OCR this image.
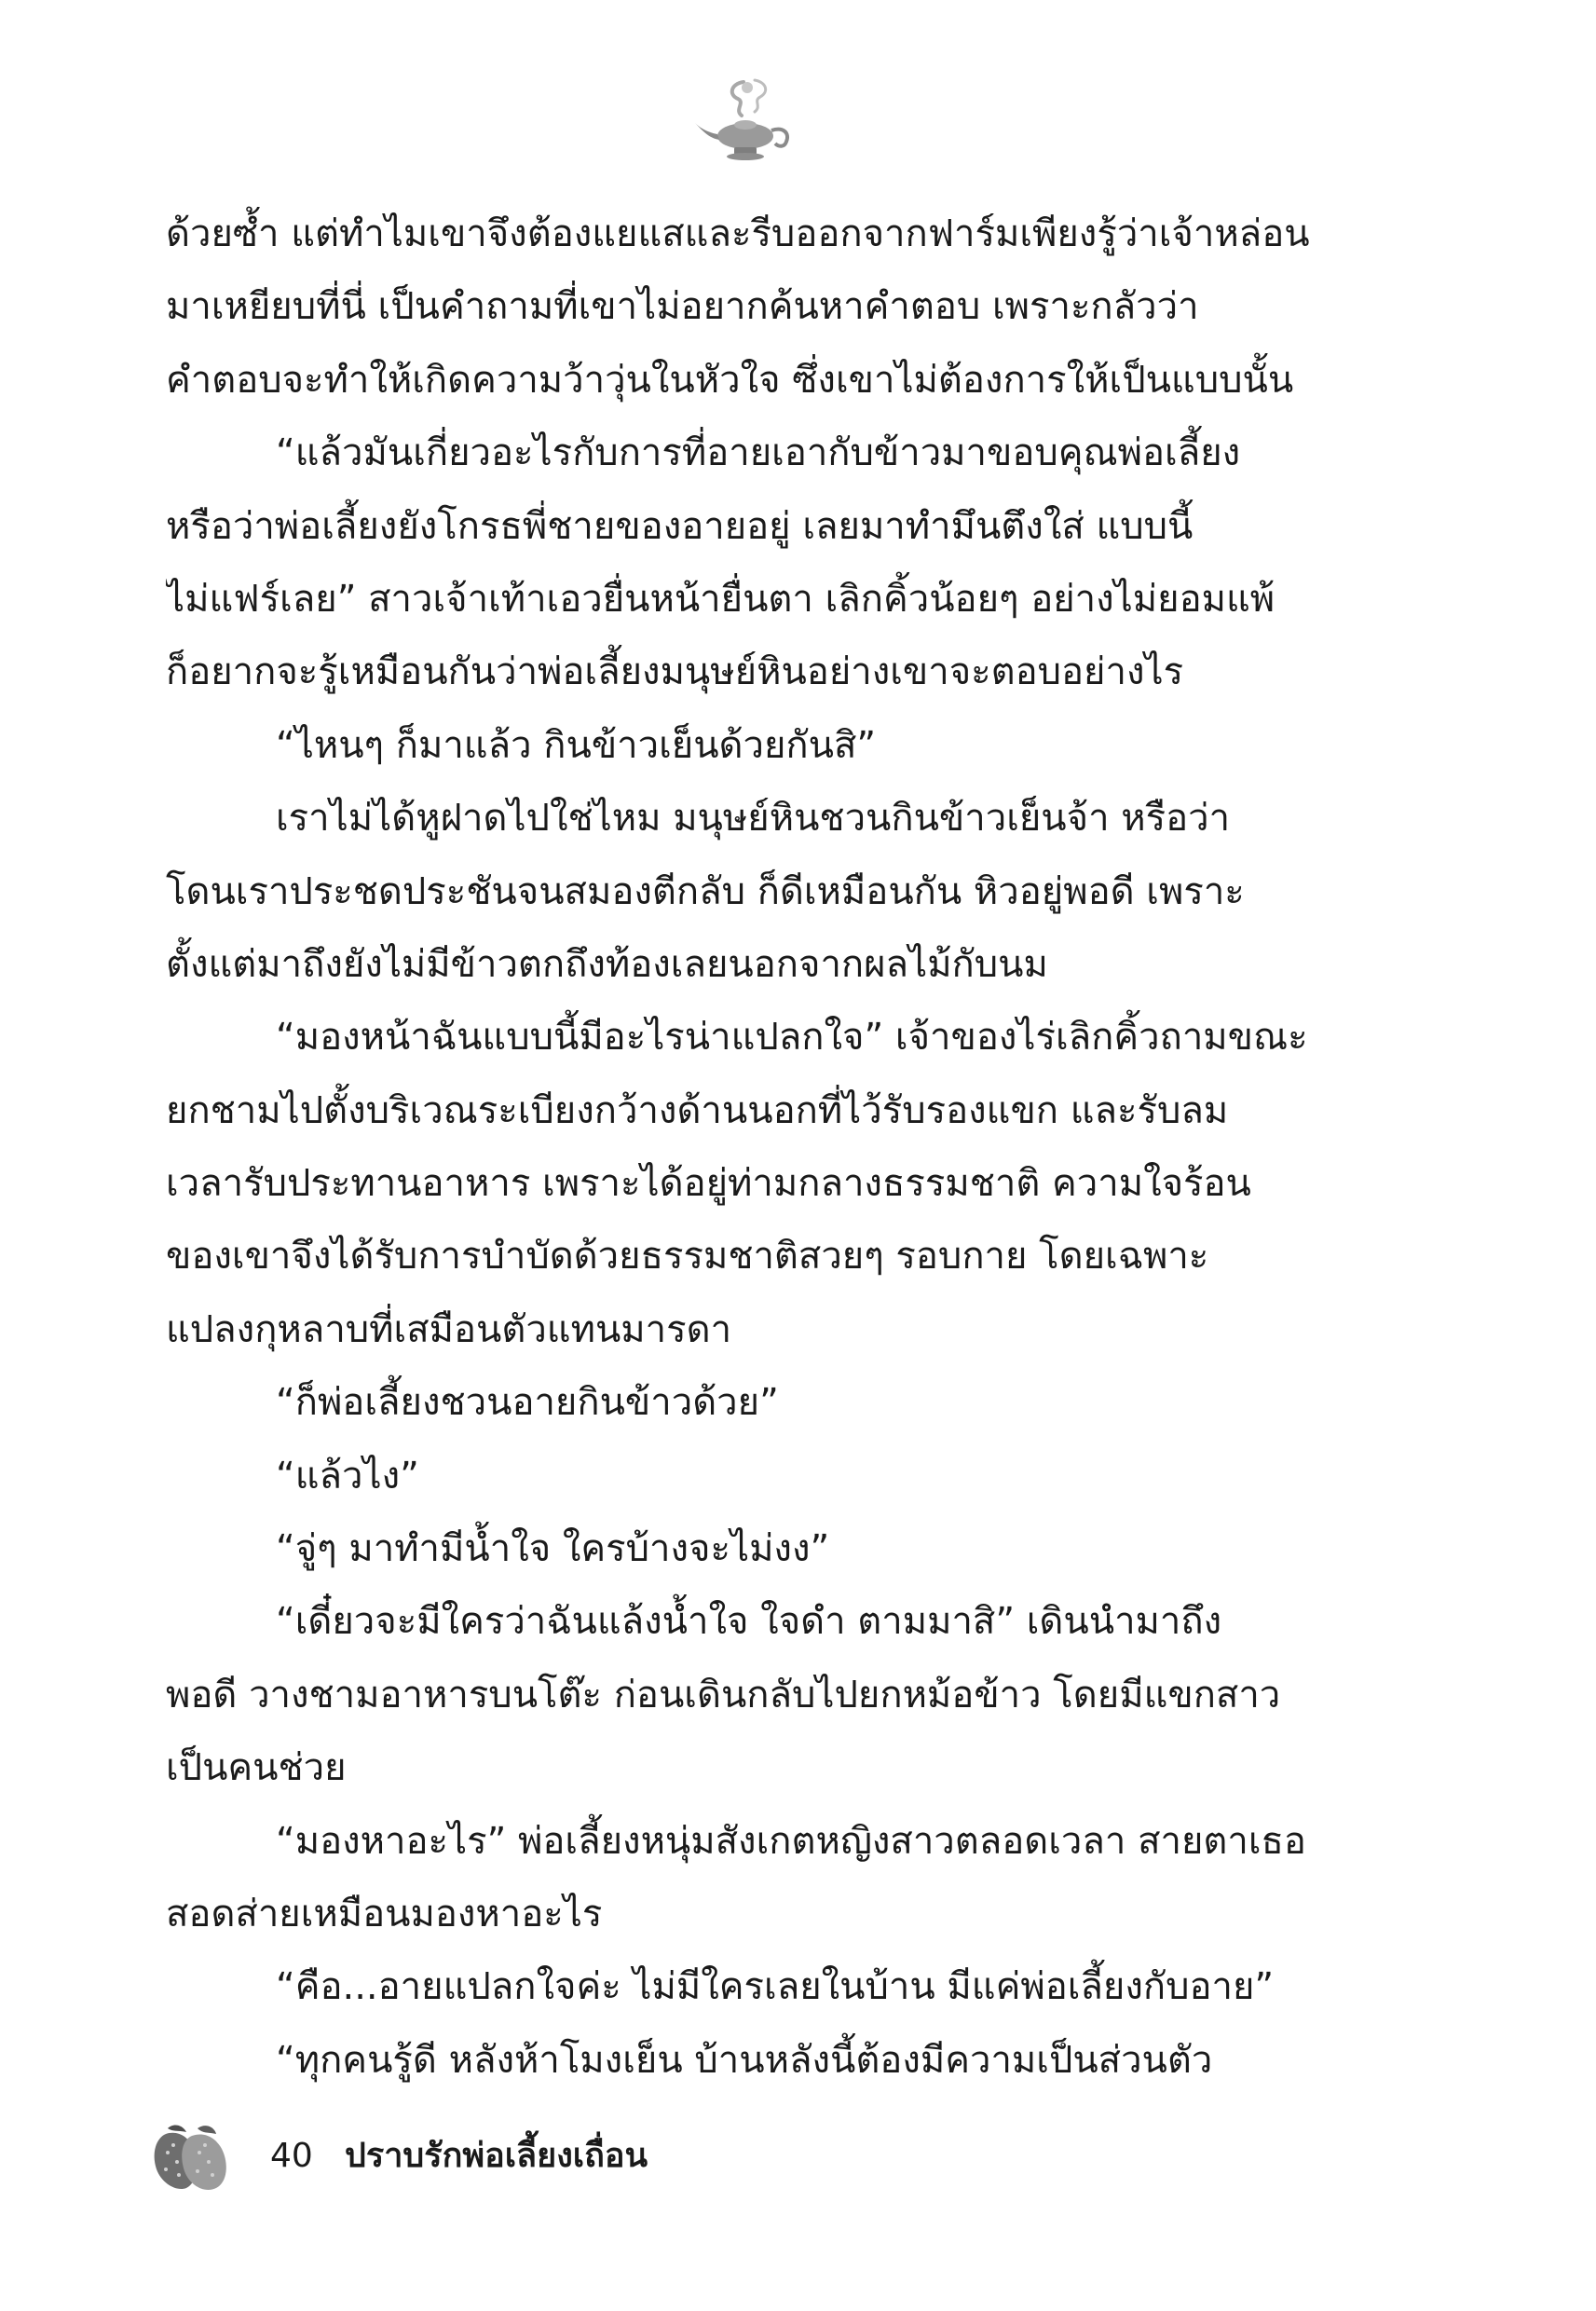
ด้วยซ้ำ แต่ทำไมเขาจึงต้องแยแสและรีบออกจากฟาร์มเพียงรู้ว่าเจ้าหล่อน
มาเหยียบที่นี่ เป็นคำถามที่เขาไม่อยากค้นหาคำตอบ เพราะกลัวว่า
คำตอบจะทำให้เกิดความว้าวุ่นในหัวใจ ซึ่งเขาไม่ต้องการให้เป็นแบบนั้น
“แล้วมันเกี่ยวอะไรกับการที่อายเอากับข้าวมาขอบคุณพ่อเลี้ยง
หรือว่าพ่อเลี้ยงยังโกรธพี่ชายของอายอยู่ เลยมาทำมึนตึงใส่ แบบนี้
ไม่แฟร์เลย” สาวเจ้าเท้าเอวยื่นหน้ายื่นตา เลิกคิ้วน้อยๆ อย่างไม่ยอมแพ้
ก็อยากจะรู้เหมือนกันว่าพ่อเลี้ยงมนุษย์หินอย่างเขาจะตอบอย่างไร
“ไหนๆ ก็มาแล้ว กินข้าวเย็นด้วยกันสิ”
เราไม่ได้หูฝาดไปใช่ไหม มนุษย์หินชวนกินข้าวเย็นจ้า หรือว่า
โดนเราประชดประชันจนสมองตีกลับ ก็ดีเหมือนกัน หิวอยู่พอดี เพราะ
ตั้งแต่มาถึงยังไม่มีข้าวตกถึงท้องเลยนอกจากผลไม้กับนม
“มองหน้าฉันแบบนี้มีอะไรน่าแปลกใจ” เจ้าของไร่เลิกคิ้วถามขณะ
ยกชามไปตั้งบริเวณระเบียงกว้างด้านนอกที่ไว้รับรองแขก และรับลม
เวลารับประทานอาหาร เพราะได้อยู่ท่ามกลางธรรมชาติ ความใจร้อน
ของเขาจึงได้รับการบำบัดด้วยธรรมชาติสวยๆ รอบกาย โดยเฉพาะ
แปลงกุหลาบที่เสมือนตัวแทนมารดา
“ก็พ่อเลี้ยงชวนอายกินข้าวด้วย”
“แล้วไง”
“จู่ๆ มาทำมีน้ำใจ ใครบ้างจะไม่งง”
“เดี๋ยวจะมีใครว่าฉันแล้งน้ำใจ ใจดำ ตามมาสิ” เดินนำมาถึง
พอดี วางชามอาหารบนโต๊ะ ก่อนเดินกลับไปยกหม้อข้าว โดยมีแขกสาว
เป็นคนช่วย
“มองหาอะไร” พ่อเลี้ยงหนุ่มสังเกตหญิงสาวตลอดเวลา สายตาเธอ
สอดส่ายเหมือนมองหาอะไร
“คือ...อายแปลกใจค่ะ ไม่มีใครเลยในบ้าน มีแค่พ่อเลี้ยงกับอาย”
“ทุกคนรู้ดี หลังห้าโมงเย็น บ้านหลังนี้ต้องมีความเป็นส่วนตัว
40 ปราบรักพ่อเลี้ยงเถื่อน
